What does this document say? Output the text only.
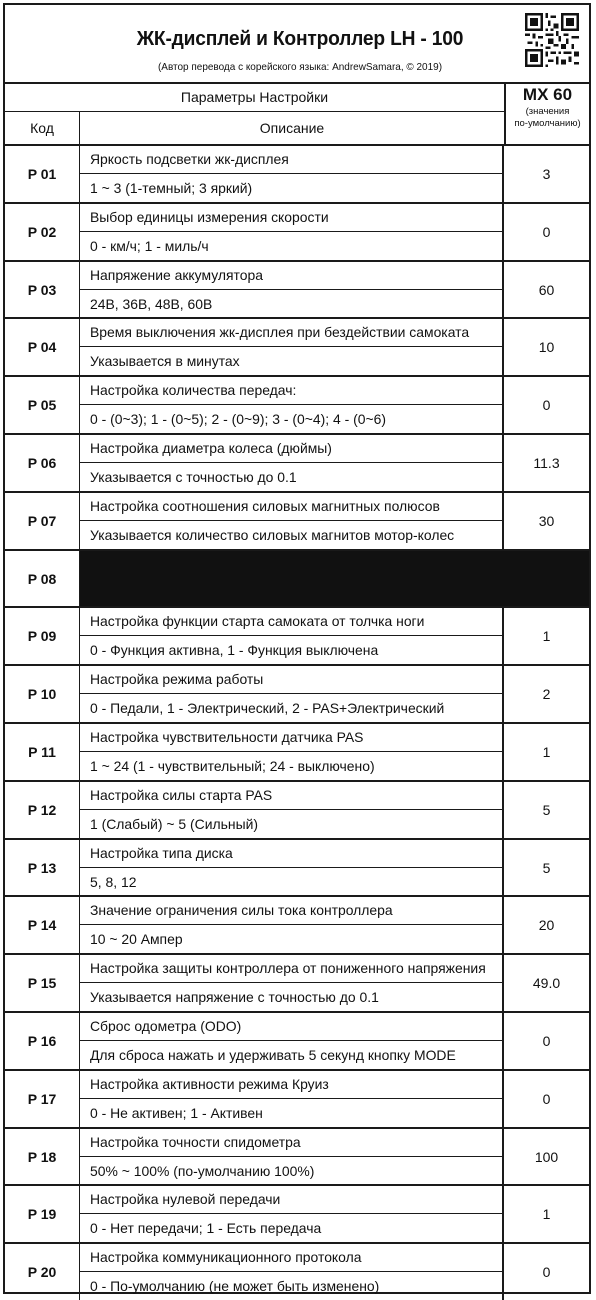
ЖК-дисплей и Контроллер LH - 100
(Автор перевода с корейского языка: AndrewSamara, © 2019)
Параметры Настройки
Код	Описание
MX 60
(значения
по-умолчанию)
P 01
Яркость подсветки жк-дисплея
1 ~ 3 (1-темный; 3 яркий)
3
P 02
Выбор единицы измерения скорости
0 - км/ч; 1 - миль/ч
0
P 03
Напряжение аккумулятора
24В, 36В, 48В, 60В
60
P 04
Время выключения жк-дисплея при бездействии самоката
Указывается в минутах
10
P 05
Настройка количества передач:
0 - (0~3); 1 - (0~5); 2 - (0~9); 3 - (0~4); 4 - (0~6)
0
P 06
Настройка диаметра колеса (дюймы)
Указывается с точностью до 0.1
11.3
P 07
Настройка соотношения силовых магнитных полюсов
Указывается количество силовых магнитов мотор-колес
30
P 08
P 09
Настройка функции старта самоката от толчка ноги
0 - Функция активна, 1 - Функция выключена
1
P 10
Настройка режима работы
0 - Педали, 1 - Электрический, 2 - PAS+Электрический
2
P 11
Настройка чувствительности датчика PAS
1 ~ 24 (1 - чувствительный; 24 - выключено)
1
P 12
Настройка силы старта PAS
1 (Слабый) ~ 5 (Сильный)
5
P 13
Настройка типа диска
5, 8, 12
5
P 14
Значение ограничения силы тока контроллера
10 ~ 20 Ампер
20
P 15
Настройка защиты контроллера от пониженного напряжения
Указывается напряжение с точностью до 0.1
49.0
P 16
Сброс одометра (ODO)
Для сброса нажать и удерживать 5 секунд кнопку MODE
0
P 17
Настройка активности режима Круиз
0 - Не активен; 1 - Активен
0
P 18
Настройка точности спидометра
50% ~ 100% (по-умолчанию 100%)
100
P 19
Настройка нулевой передачи
0 - Нет передачи; 1 - Есть передача
1
P 20
Настройка коммуникационного протокола
0 - По-умолчанию (не может быть изменено)
0
